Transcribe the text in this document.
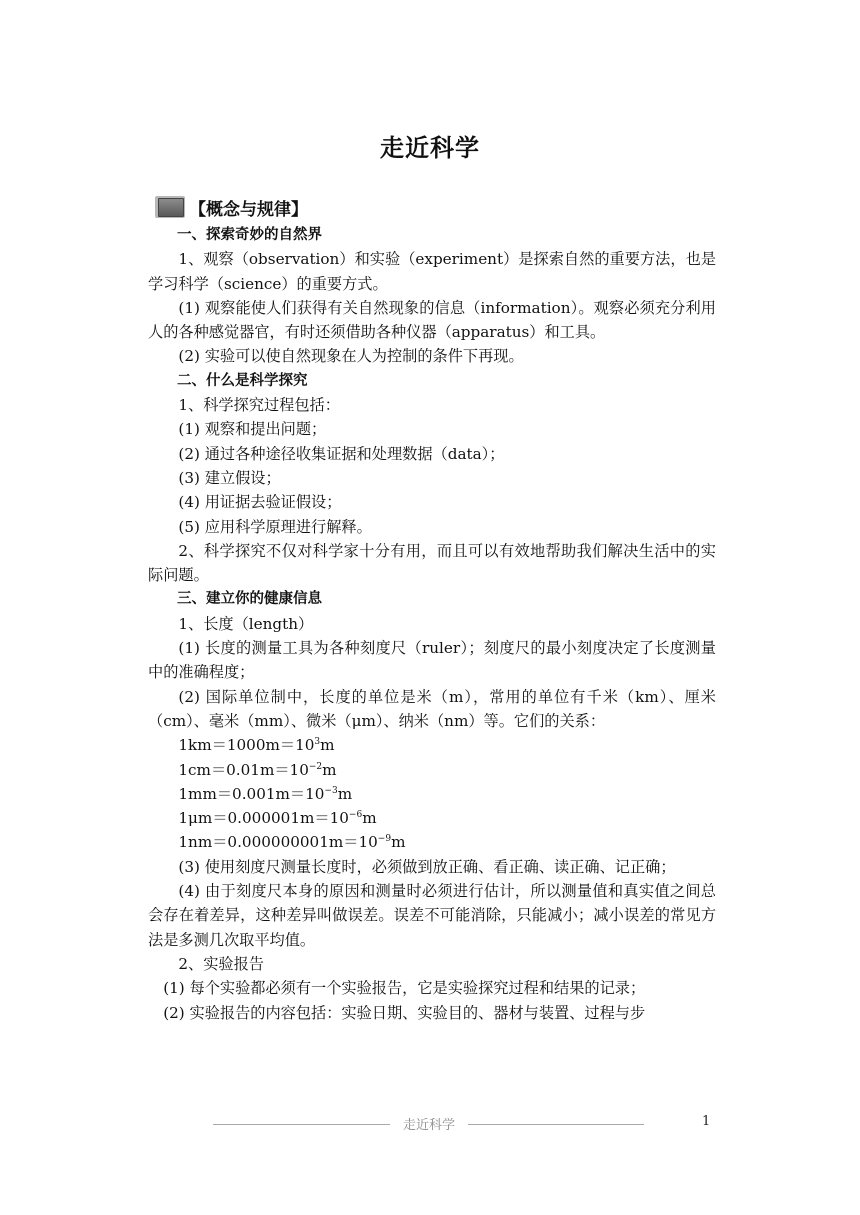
走近科学
【概念与规律】

一、探索奇妙的自然界

1、观察（observation）和实验（experiment）是探索自然的重要方法，也是学习科学（science）的重要方式。

(1) 观察能使人们获得有关自然现象的信息（information）。观察必须充分利用人的各种感觉器官，有时还须借助各种仪器（apparatus）和工具。

(2) 实验可以使自然现象在人为控制的条件下再现。

二、什么是科学探究

1、科学探究过程包括：

(1) 观察和提出问题；

(2) 通过各种途径收集证据和处理数据（data）；

(3) 建立假设；

(4) 用证据去验证假设；

(5) 应用科学原理进行解释。

2、科学探究不仅对科学家十分有用，而且可以有效地帮助我们解决生活中的实际问题。

三、建立你的健康信息

1、长度（length）

(1) 长度的测量工具为各种刻度尺（ruler）；刻度尺的最小刻度决定了长度测量中的准确程度；

(2) 国际单位制中，长度的单位是米（m），常用的单位有千米（km）、厘米（cm）、毫米（mm）、微米（μm）、纳米（nm）等。它们的关系：

$1km=1000m=10^3m$

$1cm=0.01m=10^{-2}m$

$1mm=0.001m=10^{-3}m$

$1\mu m=0.000001m=10^{-6}m$

$1nm=0.000000001m=10^{-9}m$

(3) 使用刻度尺测量长度时，必须做到放正确、看正确、读正确、记正确；

(4) 由于刻度尺本身的原因和测量时必须进行估计，所以测量值和真实值之间总会存在着差异，这种差异叫做误差。误差不可能消除，只能减小；减小误差的常见方法是多测几次取平均值。

2、实验报告

(1) 每个实验都必须有一个实验报告，它是实验探究过程和结果的记录；

(2) 实验报告的内容包括：实验日期、实验目的、器材与装置、过程与步

走近科学	1
